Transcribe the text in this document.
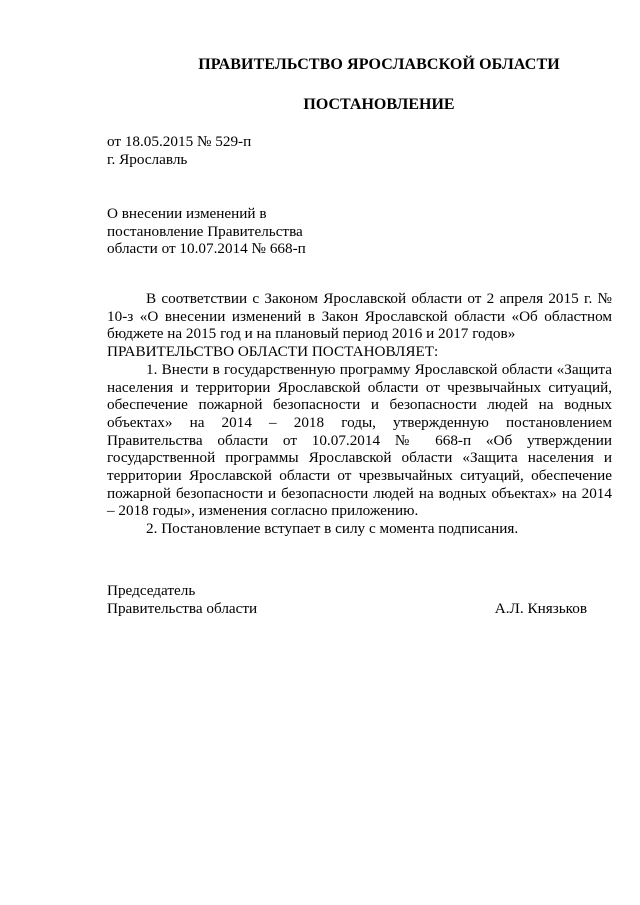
ПРАВИТЕЛЬСТВО ЯРОСЛАВСКОЙ ОБЛАСТИ
ПОСТАНОВЛЕНИЕ
от 18.05.2015 № 529-п
г. Ярославль
О внесении изменений в
постановление Правительства
области от 10.07.2014 № 668-п

В соответствии с Законом Ярославской области от 2 апреля 2015 г. № 10-з «О внесении изменений в Закон Ярославской области «Об областном бюджете на 2015 год и на плановый период 2016 и 2017 годов»

ПРАВИТЕЛЬСТВО ОБЛАСТИ ПОСТАНОВЛЯЕТ:

1. Внести в государственную программу Ярославской области «Защита населения и территории Ярославской области от чрезвычайных ситуаций, обеспечение пожарной безопасности и безопасности людей на водных объектах» на 2014 – 2018 годы, утвержденную постановлением Правительства области от 10.07.2014 № 668-п «Об утверждении государственной программы Ярославской области «Защита населения и территории Ярославской области от чрезвычайных ситуаций, обеспечение пожарной безопасности и безопасности людей на водных объектах» на 2014 – 2018 годы», изменения согласно приложению.

2. Постановление вступает в силу с момента подписания.

Председатель
Правительства области	А.Л. Князьков
